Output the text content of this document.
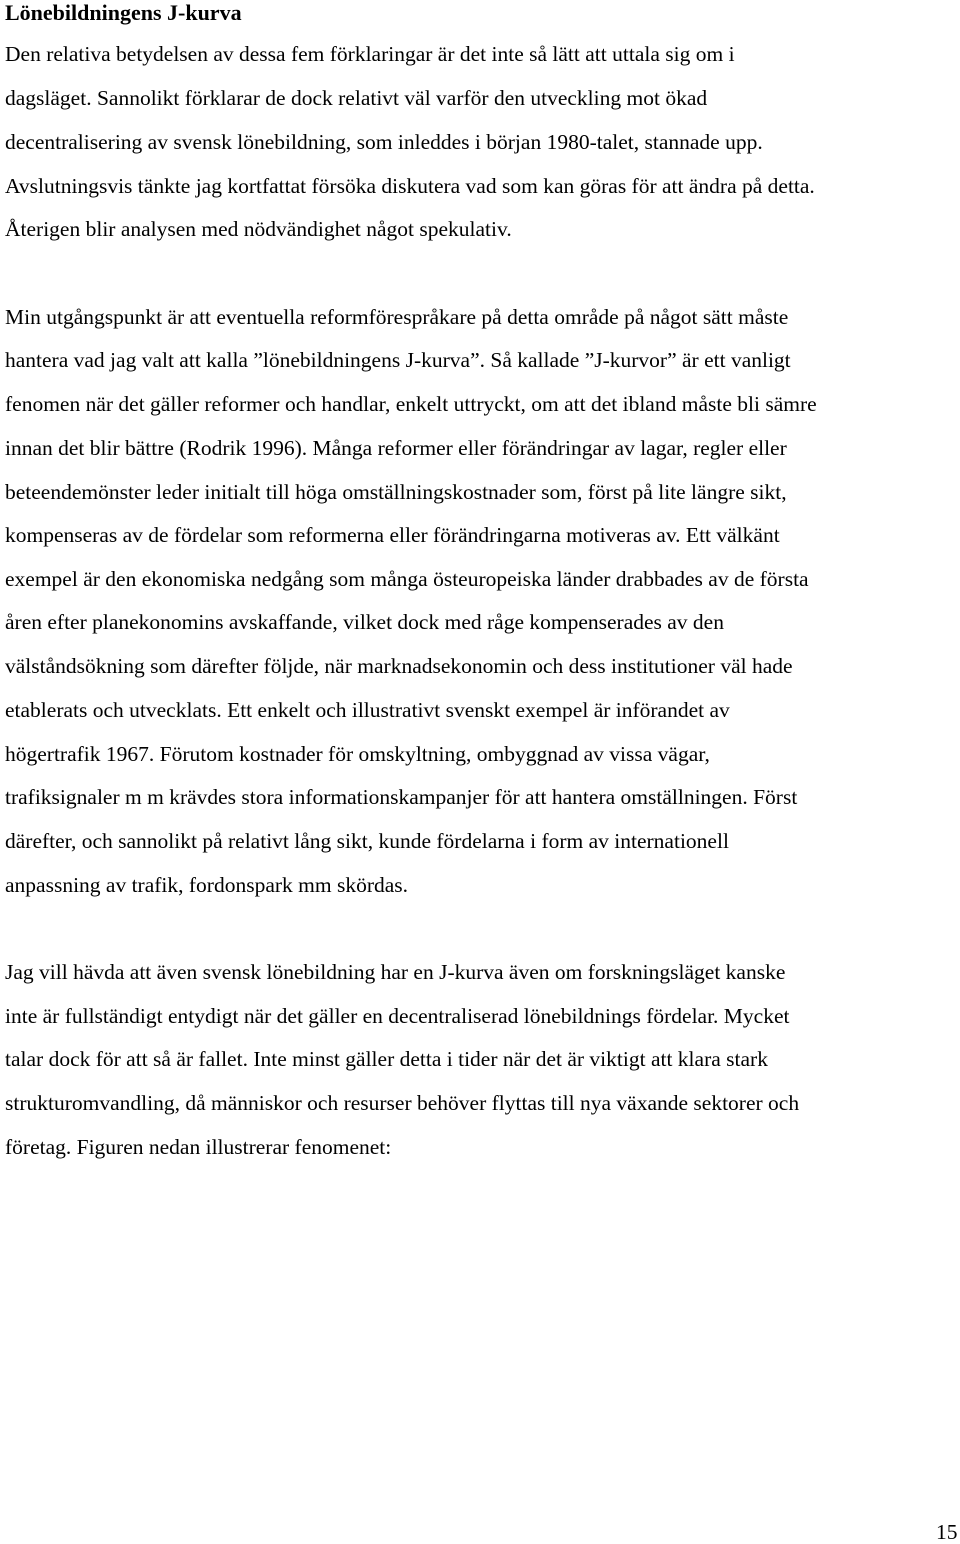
Lönebildningens J-kurva

Den relativa betydelsen av dessa fem förklaringar är det inte så lätt att uttala sig om i

dagsläget. Sannolikt förklarar de dock relativt väl varför den utveckling mot ökad

decentralisering av svensk lönebildning, som inleddes i början 1980-talet, stannade upp.

Avslutningsvis tänkte jag kortfattat försöka diskutera vad som kan göras för att ändra på detta.

Återigen blir analysen med nödvändighet något spekulativ.

Min utgångspunkt är att eventuella reformförespråkare på detta område på något sätt måste

hantera vad jag valt att kalla ”lönebildningens J-kurva”. Så kallade ”J-kurvor” är ett vanligt

fenomen när det gäller reformer och handlar, enkelt uttryckt, om att det ibland måste bli sämre

innan det blir bättre (Rodrik 1996). Många reformer eller förändringar av lagar, regler eller

beteendemönster leder initialt till höga omställningskostnader som, först på lite längre sikt,

kompenseras av de fördelar som reformerna eller förändringarna motiveras av. Ett välkänt

exempel är den ekonomiska nedgång som många östeuropeiska länder drabbades av de första

åren efter planekonomins avskaffande, vilket dock med råge kompenserades av den

välståndsökning som därefter följde, när marknadsekonomin och dess institutioner väl hade

etablerats och utvecklats. Ett enkelt och illustrativt svenskt exempel är införandet av

högertrafik 1967. Förutom kostnader för omskyltning, ombyggnad av vissa vägar,

trafiksignaler m m krävdes stora informationskampanjer för att hantera omställningen. Först

därefter, och sannolikt på relativt lång sikt, kunde fördelarna i form av internationell

anpassning av trafik, fordonspark mm skördas.

Jag vill hävda att även svensk lönebildning har en J-kurva även om forskningsläget kanske

inte är fullständigt entydigt när det gäller en decentraliserad lönebildnings fördelar. Mycket

talar dock för att så är fallet. Inte minst gäller detta i tider när det är viktigt att klara stark

strukturomvandling, då människor och resurser behöver flyttas till nya växande sektorer och

företag. Figuren nedan illustrerar fenomenet:

15
